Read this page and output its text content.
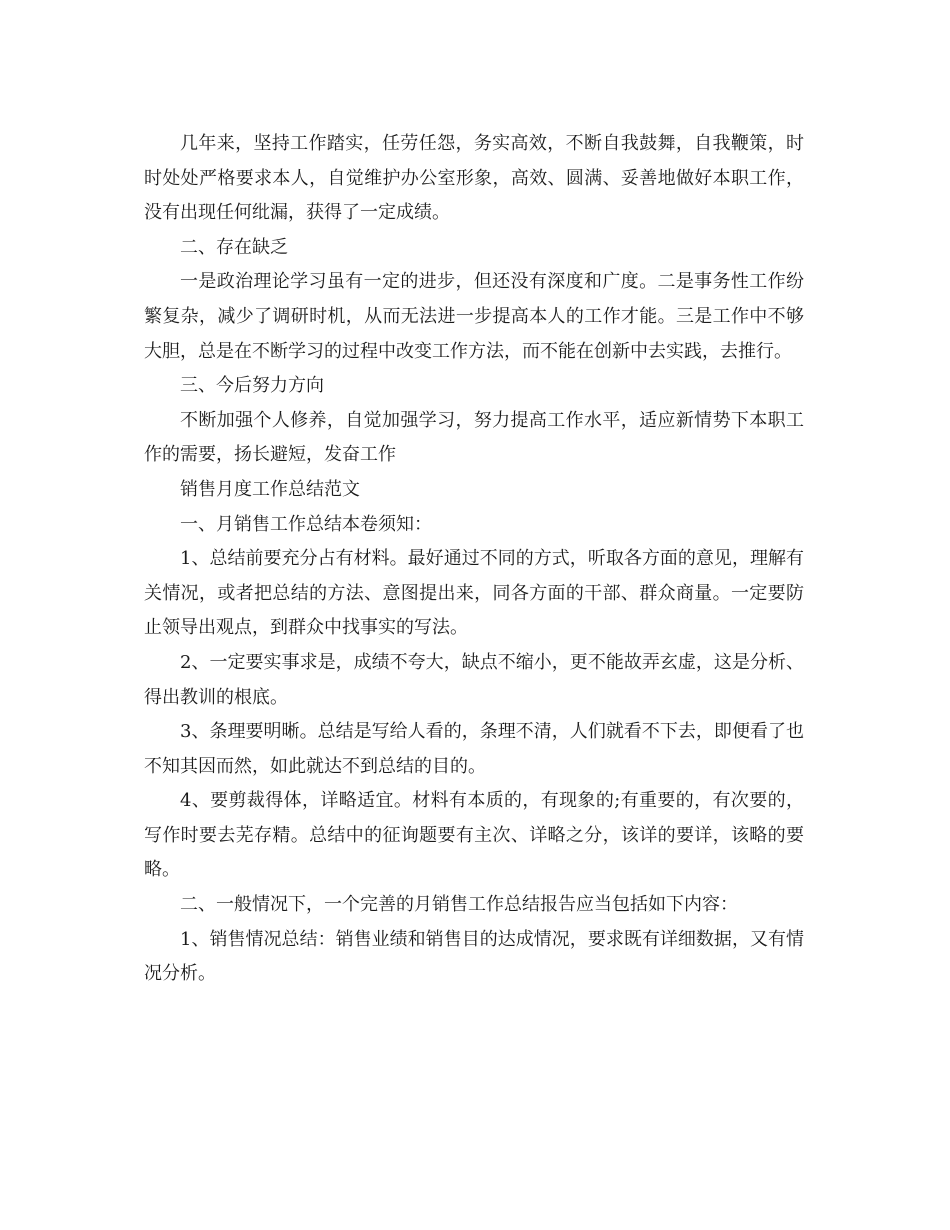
几年来，坚持工作踏实，任劳任怨，务实高效，不断自我鼓舞，自我鞭策，时时处处严格要求本人，自觉维护办公室形象，高效、圆满、妥善地做好本职工作，没有出现任何纰漏，获得了一定成绩。

二、存在缺乏

一是政治理论学习虽有一定的进步，但还没有深度和广度。二是事务性工作纷繁复杂，减少了调研时机，从而无法进一步提高本人的工作才能。三是工作中不够大胆，总是在不断学习的过程中改变工作方法，而不能在创新中去实践，去推行。

三、今后努力方向

不断加强个人修养，自觉加强学习，努力提高工作水平，适应新情势下本职工作的需要，扬长避短，发奋工作

销售月度工作总结范文

一、月销售工作总结本卷须知：

1、总结前要充分占有材料。最好通过不同的方式，听取各方面的意见，理解有关情况，或者把总结的方法、意图提出来，同各方面的干部、群众商量。一定要防止领导出观点，到群众中找事实的写法。

2、一定要实事求是，成绩不夸大，缺点不缩小，更不能故弄玄虚，这是分析、得出教训的根底。

3、条理要明晰。总结是写给人看的，条理不清，人们就看不下去，即便看了也不知其因而然，如此就达不到总结的目的。

4、要剪裁得体，详略适宜。材料有本质的，有现象的;有重要的，有次要的，写作时要去芜存精。总结中的征询题要有主次、详略之分，该详的要详，该略的要略。

二、一般情况下，一个完善的月销售工作总结报告应当包括如下内容：

1、销售情况总结：销售业绩和销售目的达成情况，要求既有详细数据，又有情况分析。
